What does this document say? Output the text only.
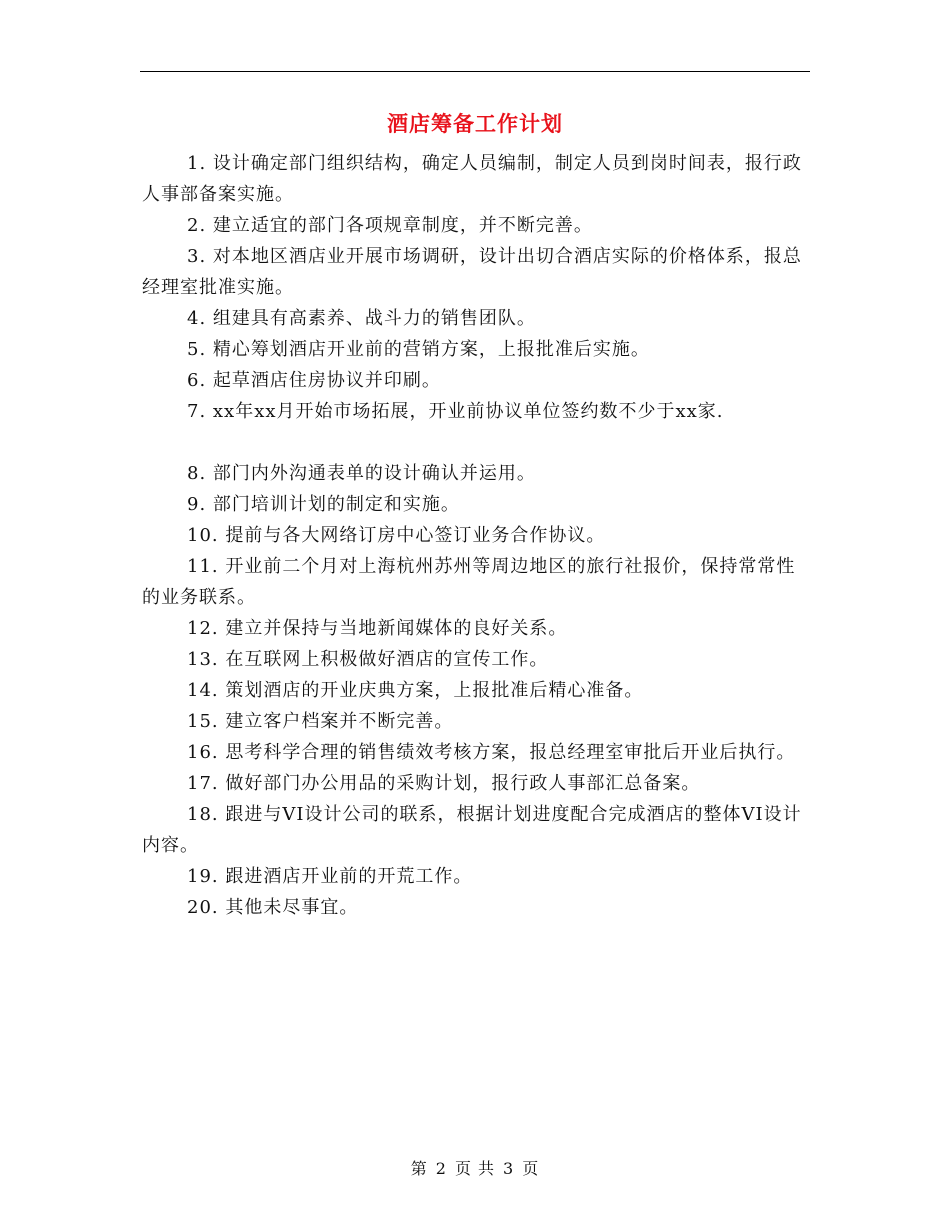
酒店筹备工作计划

1. 设计确定部门组织结构，确定人员编制，制定人员到岗时间表，报行政人事部备案实施。

2. 建立适宜的部门各项规章制度，并不断完善。

3. 对本地区酒店业开展市场调研，设计出切合酒店实际的价格体系，报总经理室批准实施。

4. 组建具有高素养、战斗力的销售团队。

5. 精心筹划酒店开业前的营销方案，上报批准后实施。

6. 起草酒店住房协议并印刷。

7. xx年xx月开始市场拓展，开业前协议单位签约数不少于xx家.

8. 部门内外沟通表单的设计确认并运用。

9. 部门培训计划的制定和实施。

10. 提前与各大网络订房中心签订业务合作协议。

11. 开业前二个月对上海杭州苏州等周边地区的旅行社报价，保持常常性的业务联系。

12. 建立并保持与当地新闻媒体的良好关系。

13. 在互联网上积极做好酒店的宣传工作。

14. 策划酒店的开业庆典方案，上报批准后精心准备。

15. 建立客户档案并不断完善。

16. 思考科学合理的销售绩效考核方案，报总经理室审批后开业后执行。

17. 做好部门办公用品的采购计划，报行政人事部汇总备案。

18. 跟进与VI设计公司的联系，根据计划进度配合完成酒店的整体VI设计内容。

19. 跟进酒店开业前的开荒工作。

20. 其他未尽事宜。

第 2 页 共 3 页
